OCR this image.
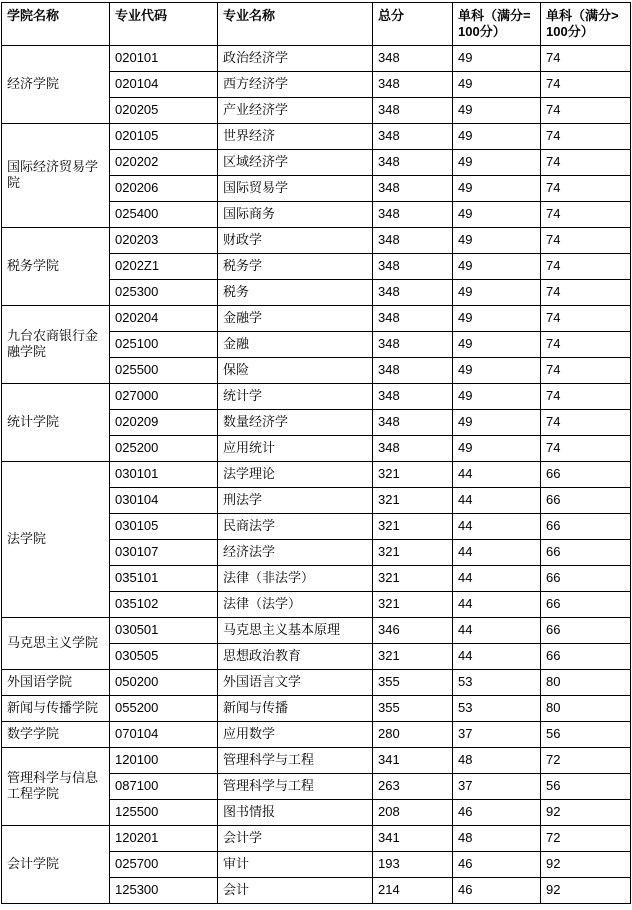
学院名称	专业代码	专业名称	总分	单科（满分=100分）	单科（满分>100分）
经济学院	020101	政治经济学	348	49	74
	020104	西方经济学	348	49	74
	020205	产业经济学	348	49	74
国际经济贸易学院	020105	世界经济	348	49	74
	020202	区域经济学	348	49	74
	020206	国际贸易学	348	49	74
	025400	国际商务	348	49	74
税务学院	020203	财政学	348	49	74
	0202Z1	税务学	348	49	74
	025300	税务	348	49	74
九台农商银行金融学院	020204	金融学	348	49	74
	025100	金融	348	49	74
	025500	保险	348	49	74
统计学院	027000	统计学	348	49	74
	020209	数量经济学	348	49	74
	025200	应用统计	348	49	74
法学院	030101	法学理论	321	44	66
	030104	刑法学	321	44	66
	030105	民商法学	321	44	66
	030107	经济法学	321	44	66
	035101	法律（非法学）	321	44	66
	035102	法律（法学）	321	44	66
马克思主义学院	030501	马克思主义基本原理	346	44	66
	030505	思想政治教育	321	44	66
外国语学院	050200	外国语言文学	355	53	80
新闻与传播学院	055200	新闻与传播	355	53	80
数学学院	070104	应用数学	280	37	56
管理科学与信息工程学院	120100	管理科学与工程	341	48	72
	087100	管理科学与工程	263	37	56
	125500	图书情报	208	46	92
会计学院	120201	会计学	341	48	72
	025700	审计	193	46	92
	125300	会计	214	46	92
